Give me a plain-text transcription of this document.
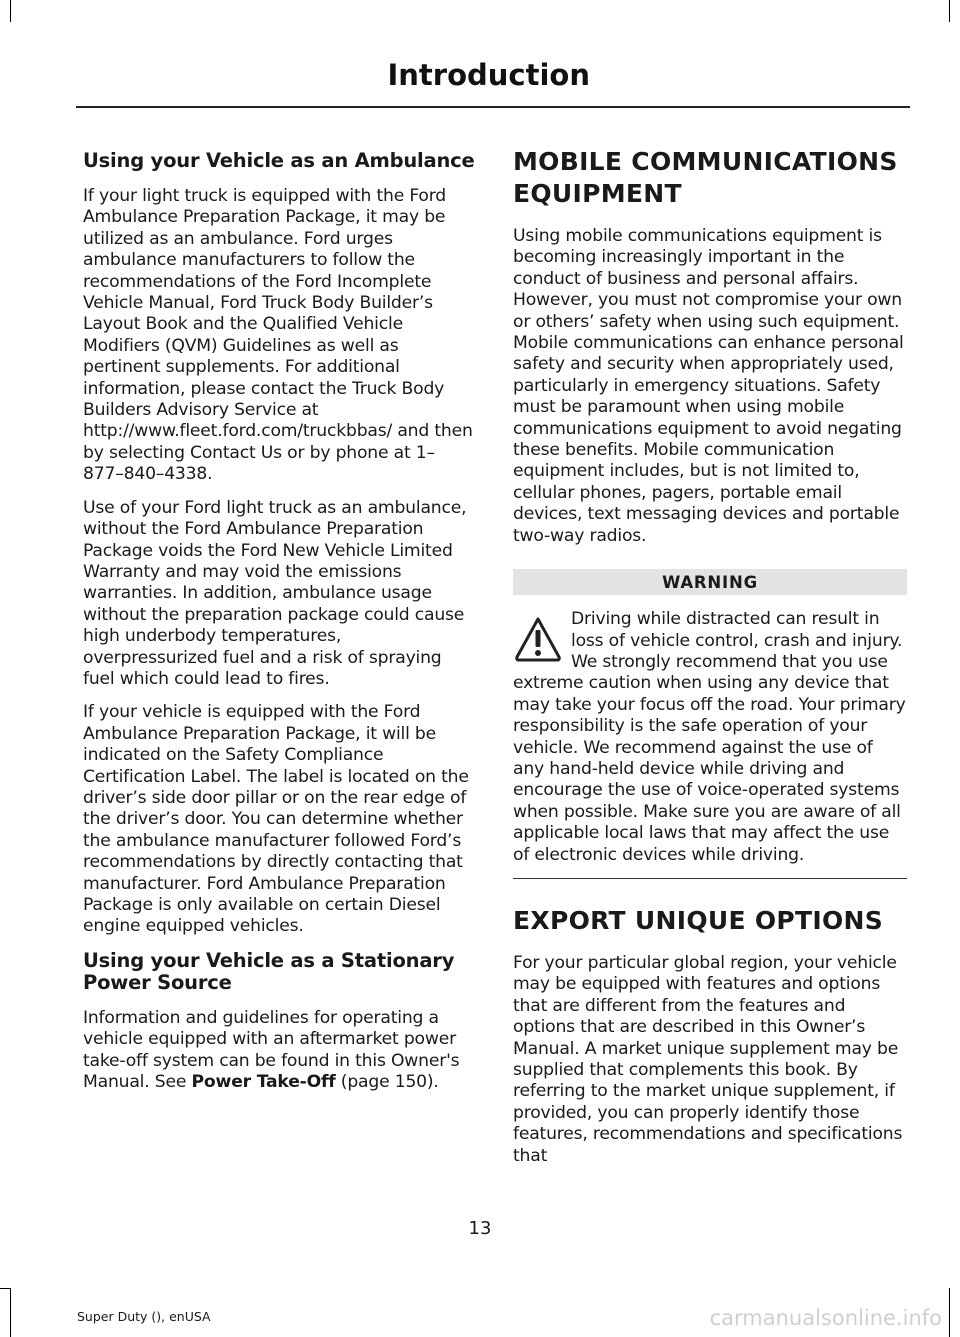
Introduction
Using your Vehicle as an Ambulance

If your light truck is equipped with the Ford Ambulance Preparation Package, it may be utilized as an ambulance. Ford urges ambulance manufacturers to follow the recommendations of the Ford Incomplete Vehicle Manual, Ford Truck Body Builder’s Layout Book and the Qualified Vehicle Modifiers (QVM) Guidelines as well as pertinent supplements. For additional information, please contact the Truck Body Builders Advisory Service at http://www.fleet.ford.com/truckbbas/ and then by selecting Contact Us or by phone at 1–877–840–4338.

Use of your Ford light truck as an ambulance, without the Ford Ambulance Preparation Package voids the Ford New Vehicle Limited Warranty and may void the emissions warranties. In addition, ambulance usage without the preparation package could cause high underbody temperatures, overpressurized fuel and a risk of spraying fuel which could lead to fires.

If your vehicle is equipped with the Ford Ambulance Preparation Package, it will be indicated on the Safety Compliance Certification Label. The label is located on the driver’s side door pillar or on the rear edge of the driver’s door. You can determine whether the ambulance manufacturer followed Ford’s recommendations by directly contacting that manufacturer. Ford Ambulance Preparation Package is only available on certain Diesel engine equipped vehicles.

Using your Vehicle as a Stationary Power Source

Information and guidelines for operating a vehicle equipped with an aftermarket power take-off system can be found in this Owner's Manual. See Power Take-Off (page 150).

MOBILE COMMUNICATIONS EQUIPMENT

Using mobile communications equipment is becoming increasingly important in the conduct of business and personal affairs. However, you must not compromise your own or others’ safety when using such equipment. Mobile communications can enhance personal safety and security when appropriately used, particularly in emergency situations. Safety must be paramount when using mobile communications equipment to avoid negating these benefits. Mobile communication equipment includes, but is not limited to, cellular phones, pagers, portable email devices, text messaging devices and portable two-way radios.

WARNING
Driving while distracted can result in loss of vehicle control, crash and injury. We strongly recommend that you use extreme caution when using any device that may take your focus off the road. Your primary responsibility is the safe operation of your vehicle. We recommend against the use of any hand-held device while driving and encourage the use of voice-operated systems when possible. Make sure you are aware of all applicable local laws that may affect the use of electronic devices while driving.
EXPORT UNIQUE OPTIONS

For your particular global region, your vehicle may be equipped with features and options that are different from the features and options that are described in this Owner’s Manual. A market unique supplement may be supplied that complements this book. By referring to the market unique supplement, if provided, you can properly identify those features, recommendations and specifications that

13
Super Duty (), enUSA	carmanualsonline.info
